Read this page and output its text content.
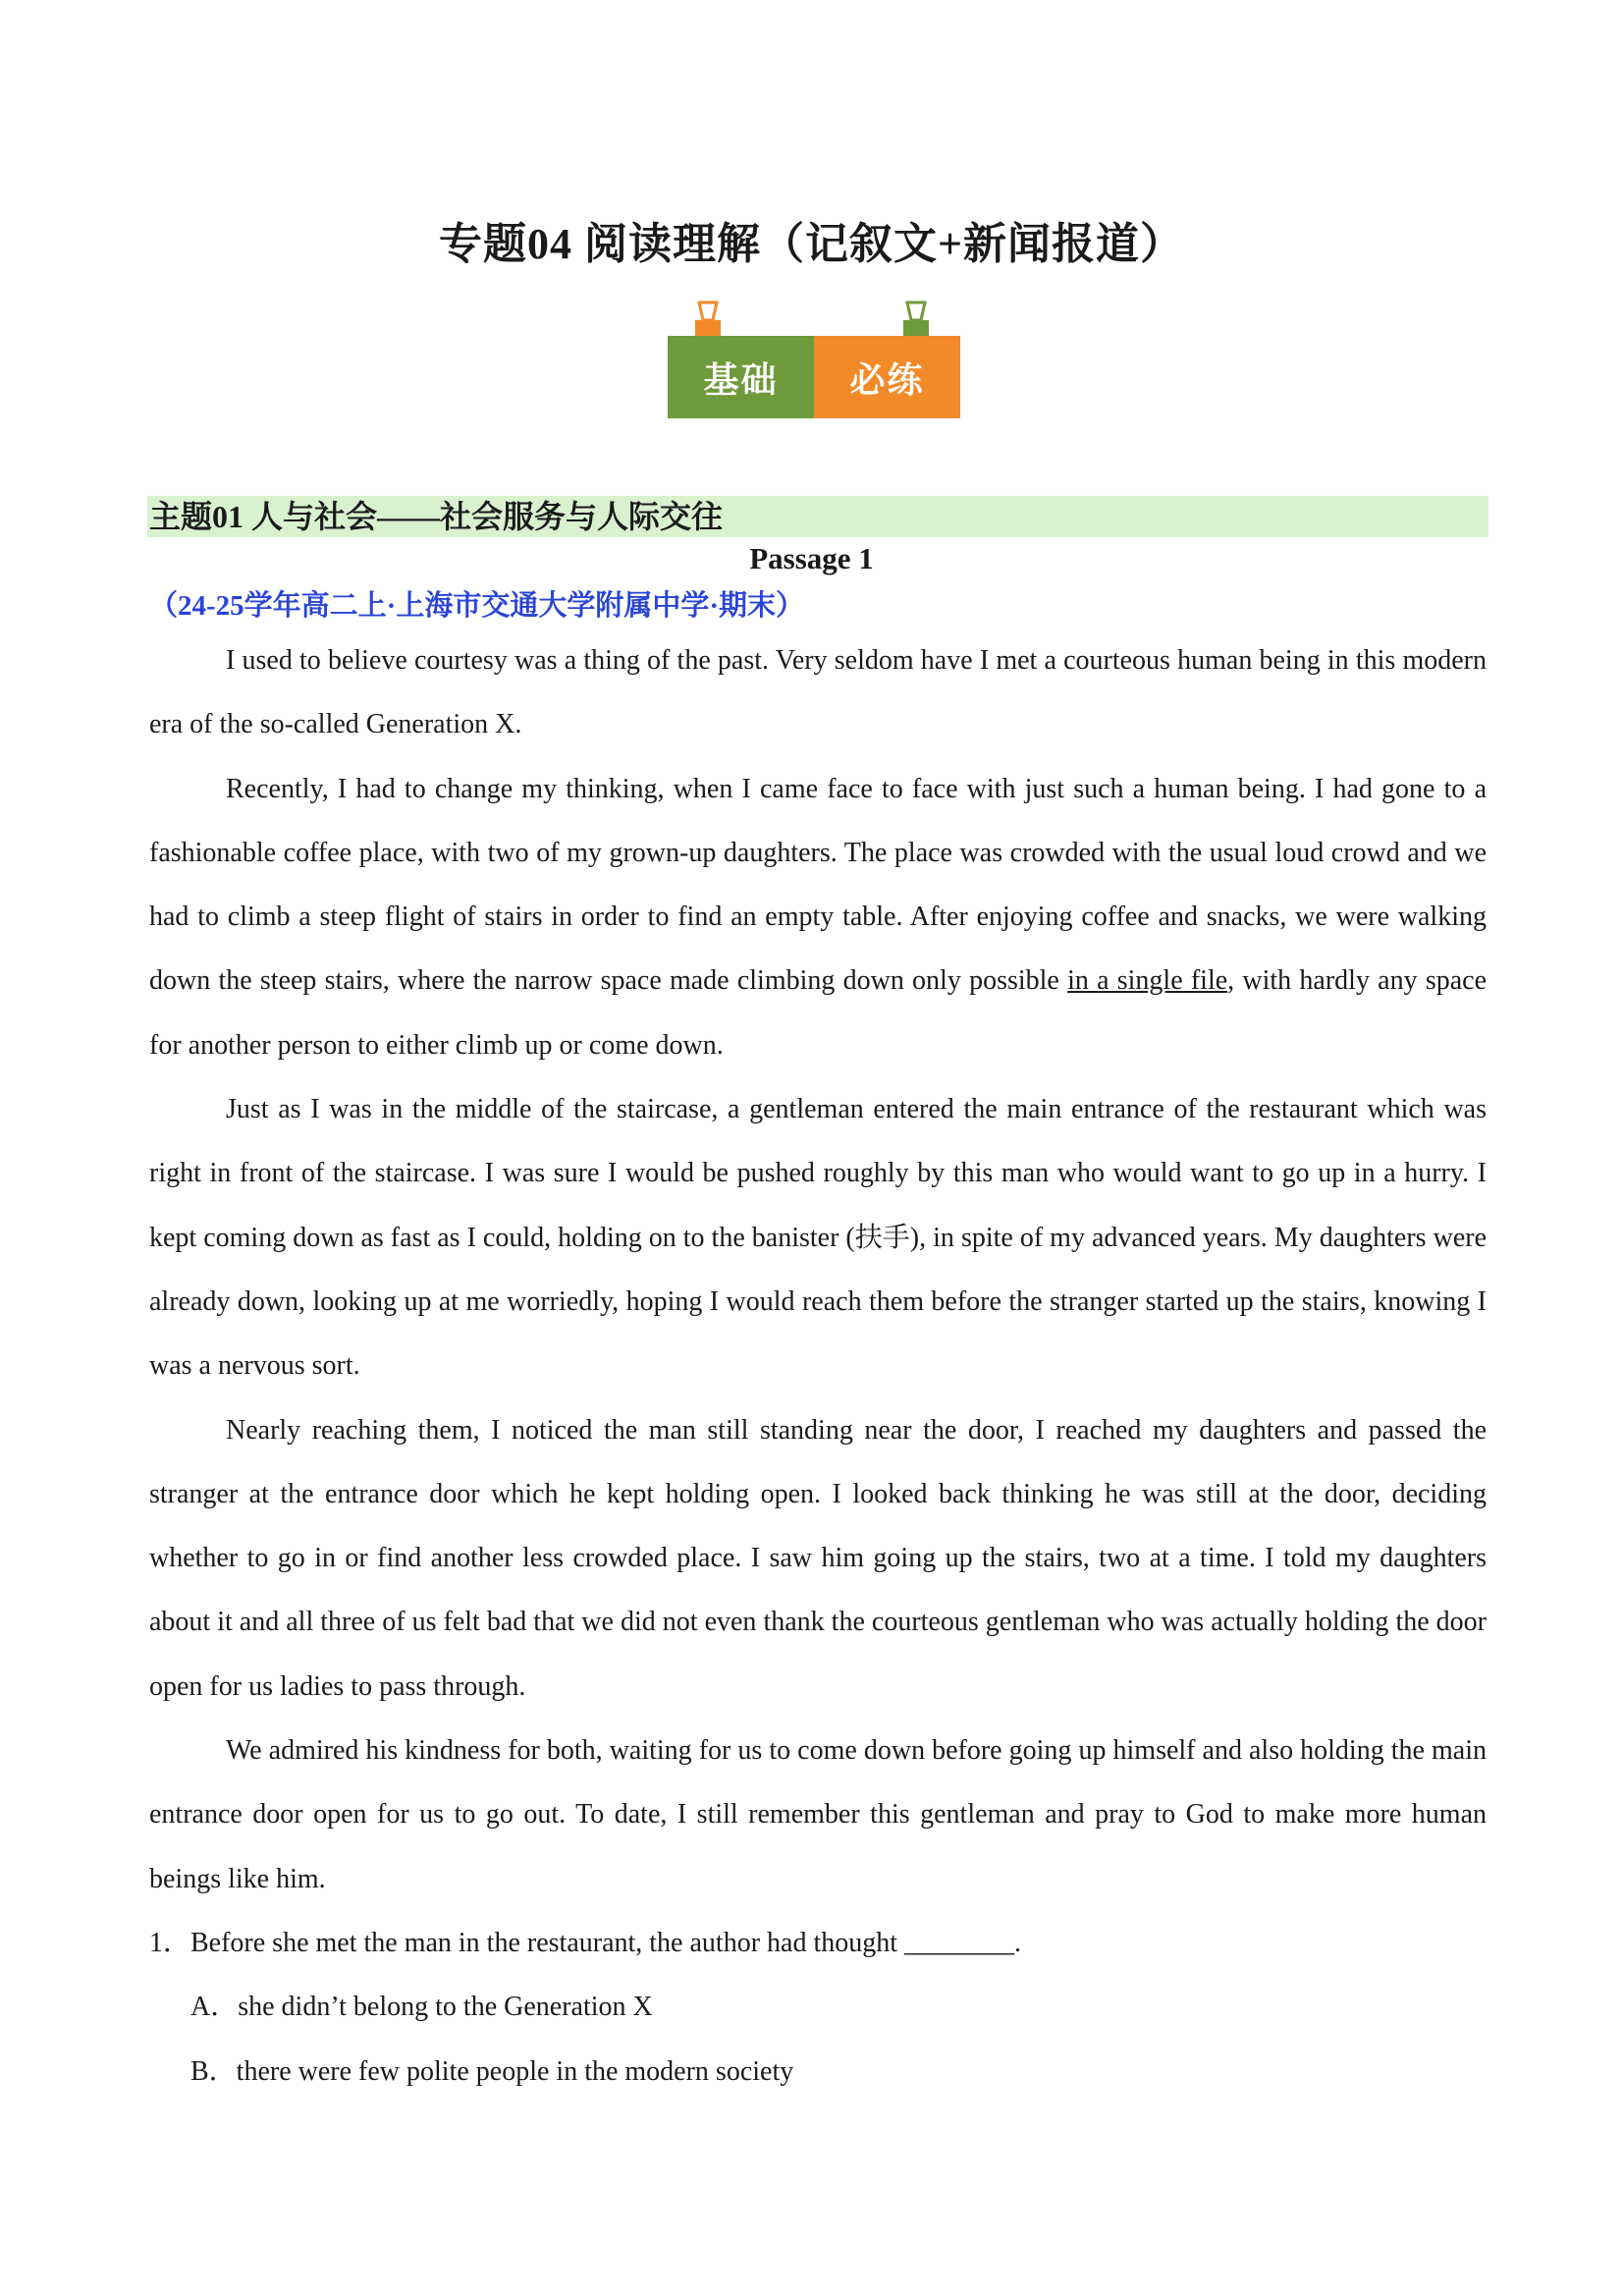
专题04 阅读理解（记叙文+新闻报道）
基础	必练
主题01 人与社会——社会服务与人际交往
Passage 1

（24-25学年高二上·上海市交通大学附属中学·期末）

I used to believe courtesy was a thing of the past. Very seldom have I met a courteous human being in this modern era of the so-called Generation X.

Recently, I had to change my thinking, when I came face to face with just such a human being. I had gone to a fashionable coffee place, with two of my grown-up daughters. The place was crowded with the usual loud crowd and we had to climb a steep flight of stairs in order to find an empty table. After enjoying coffee and snacks, we were walking down the steep stairs, where the narrow space made climbing down only possible in a single file, with hardly any space for another person to either climb up or come down.

Just as I was in the middle of the staircase, a gentleman entered the main entrance of the restaurant which was right in front of the staircase. I was sure I would be pushed roughly by this man who would want to go up in a hurry. I kept coming down as fast as I could, holding on to the banister (扶手), in spite of my advanced years. My daughters were already down, looking up at me worriedly, hoping I would reach them before the stranger started up the stairs, knowing I was a nervous sort.

Nearly reaching them, I noticed the man still standing near the door, I reached my daughters and passed the stranger at the entrance door which he kept holding open. I looked back thinking he was still at the door, deciding whether to go in or find another less crowded place. I saw him going up the stairs, two at a time. I told my daughters about it and all three of us felt bad that we did not even thank the courteous gentleman who was actually holding the door open for us ladies to pass through.

We admired his kindness for both, waiting for us to come down before going up himself and also holding the main entrance door open for us to go out. To date, I still remember this gentleman and pray to God to make more human beings like him.

1．Before she met the man in the restaurant, the author had thought ________.

A．she didn’t belong to the Generation X

B．there were few polite people in the modern society
